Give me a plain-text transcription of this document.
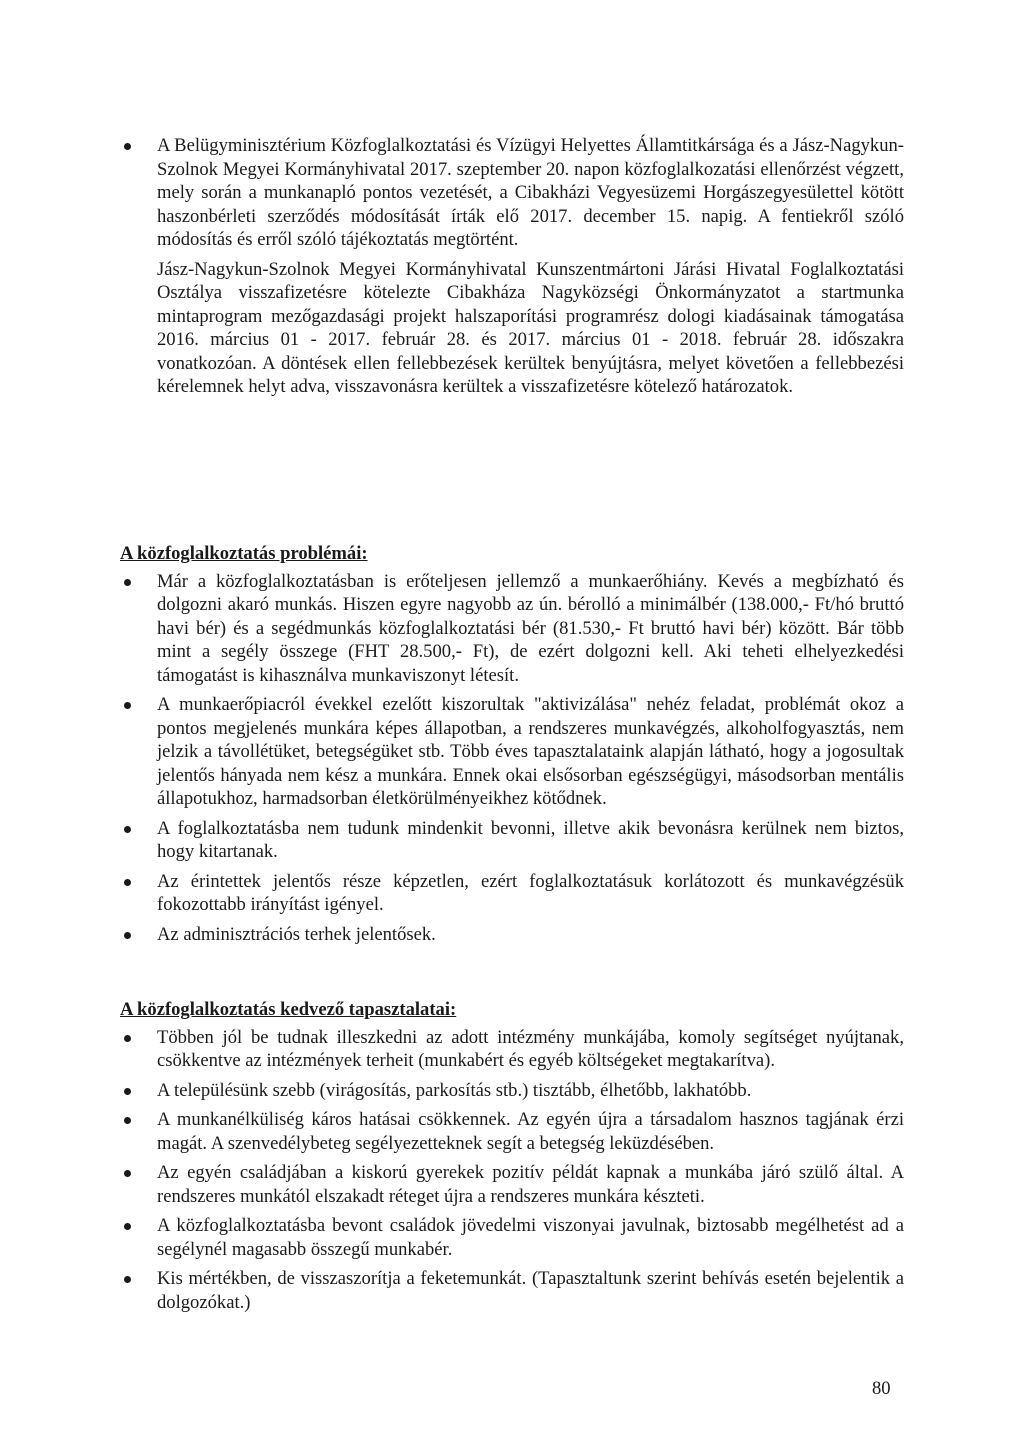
A Belügyminisztérium Közfoglalkoztatási és Vízügyi Helyettes Államtitkársága és a Jász-Nagykun-Szolnok Megyei Kormányhivatal 2017. szeptember 20. napon közfoglalkozatási ellenőrzést végzett, mely során a munkanapló pontos vezetését, a Cibakházi Vegyesüzemi Horgászegyesülettel kötött haszonbérleti szerződés módosítását írták elő 2017. december 15. napig. A fentiekről szóló módosítás és erről szóló tájékoztatás megtörtént.

Jász-Nagykun-Szolnok Megyei Kormányhivatal Kunszentmártoni Járási Hivatal Foglalkoztatási Osztálya visszafizetésre kötelezte Cibakháza Nagyközségi Önkormányzatot a startmunka mintaprogram mezőgazdasági projekt halszaporítási programrész dologi kiadásainak támogatása 2016. március 01 - 2017. február 28. és 2017. március 01 - 2018. február 28. időszakra vonatkozóan. A döntések ellen fellebbezések kerültek benyújtásra, melyet követően a fellebbezési kérelemnek helyt adva, visszavonásra kerültek a visszafizetésre kötelező határozatok.

A közfoglalkoztatás problémái:

Már a közfoglalkoztatásban is erőteljesen jellemző a munkaerőhiány. Kevés a megbízható és dolgozni akaró munkás. Hiszen egyre nagyobb az ún. bérolló a minimálbér (138.000,- Ft/hó bruttó havi bér) és a segédmunkás közfoglalkoztatási bér (81.530,- Ft bruttó havi bér) között. Bár több mint a segély összege (FHT 28.500,- Ft), de ezért dolgozni kell. Aki teheti elhelyezkedési támogatást is kihasználva munkaviszonyt létesít.
A munkaerőpiacról évekkel ezelőtt kiszorultak "aktivizálása" nehéz feladat, problémát okoz a pontos megjelenés munkára képes állapotban, a rendszeres munkavégzés, alkoholfogyasztás, nem jelzik a távollétüket, betegségüket stb. Több éves tapasztalataink alapján látható, hogy a jogosultak jelentős hányada nem kész a munkára. Ennek okai elsősorban egészségügyi, másodsorban mentális állapotukhoz, harmadsorban életkörülményeikhez kötődnek.
A foglalkoztatásba nem tudunk mindenkit bevonni, illetve akik bevonásra kerülnek nem biztos, hogy kitartanak.
Az érintettek jelentős része képzetlen, ezért foglalkoztatásuk korlátozott és munkavégzésük fokozottabb irányítást igényel.
Az adminisztrációs terhek jelentősek.

A közfoglalkoztatás kedvező tapasztalatai:

Többen jól be tudnak illeszkedni az adott intézmény munkájába, komoly segítséget nyújtanak, csökkentve az intézmények terheit (munkabért és egyéb költségeket megtakarítva).
A településünk szebb (virágosítás, parkosítás stb.) tisztább, élhetőbb, lakhatóbb.
A munkanélküliség káros hatásai csökkennek. Az egyén újra a társadalom hasznos tagjának érzi magát. A szenvedélybeteg segélyezetteknek segít a betegség leküzdésében.
Az egyén családjában a kiskorú gyerekek pozitív példát kapnak a munkába járó szülő által. A rendszeres munkától elszakadt réteget újra a rendszeres munkára készteti.
A közfoglalkoztatásba bevont családok jövedelmi viszonyai javulnak, biztosabb megélhetést ad a segélynél magasabb összegű munkabér.
Kis mértékben, de visszaszorítja a feketemunkát. (Tapasztaltunk szerint behívás esetén bejelentik a dolgozókat.)
80
